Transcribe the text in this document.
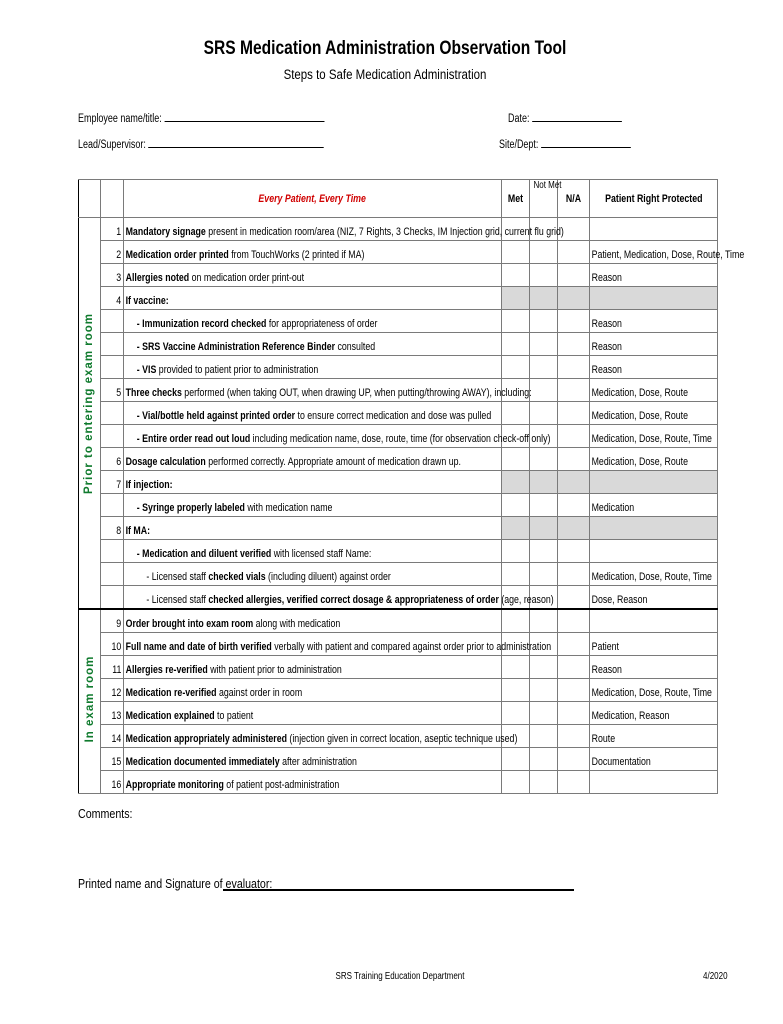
SRS Medication Administration Observation Tool
Steps to Safe Medication Administration
Employee name/title:	Date:
Lead/Supervisor:	Site/Dept:
		Every Patient, Every Time	Met	Not Met	N/A	Patient Right Protected
	1	Mandatory signage present in medication room/area (NIZ, 7 Rights, 3 Checks, IM Injection grid, current flu grid)				
	2	Medication order printed from TouchWorks (2 printed if MA)				Patient, Medication, Dose, Route, Time
	3	Allergies noted on medication order print-out				Reason
	4	If vaccine:				
		- Immunization record checked for appropriateness of order				Reason
		- SRS Vaccine Administration Reference Binder consulted				Reason
		- VIS provided to patient prior to administration				Reason
	5	Three checks performed (when taking OUT, when drawing UP, when putting/throwing AWAY), including:				Medication, Dose, Route
		- Vial/bottle held against printed order to ensure correct medication and dose was pulled				Medication, Dose, Route
		- Entire order read out loud including medication name, dose, route, time (for observation check-off only)				Medication, Dose, Route, Time
	6	Dosage calculation performed correctly. Appropriate amount of medication drawn up.				Medication, Dose, Route
	7	If injection:				
		- Syringe properly labeled with medication name				Medication
	8	If MA:				
		- Medication and diluent verified with licensed staff Name:				
		- Licensed staff checked vials (including diluent) against order				Medication, Dose, Route, Time
		- Licensed staff checked allergies, verified correct dosage & appropriateness of order (age, reason)				Dose, Reason
	9	Order brought into exam room along with medication				
	10	Full name and date of birth verified verbally with patient and compared against order prior to administration				Patient
	11	Allergies re-verified with patient prior to administration				Reason
	12	Medication re-verified against order in room				Medication, Dose, Route, Time
	13	Medication explained to patient				Medication, Reason
	14	Medication appropriately administered (injection given in correct location, aseptic technique used)				Route
	15	Medication documented immediately after administration				Documentation
	16	Appropriate monitoring of patient post-administration				
Prior to entering exam room
In exam room
Comments:
Printed name and Signature of evaluator:
SRS Training Education Department	4/2020
